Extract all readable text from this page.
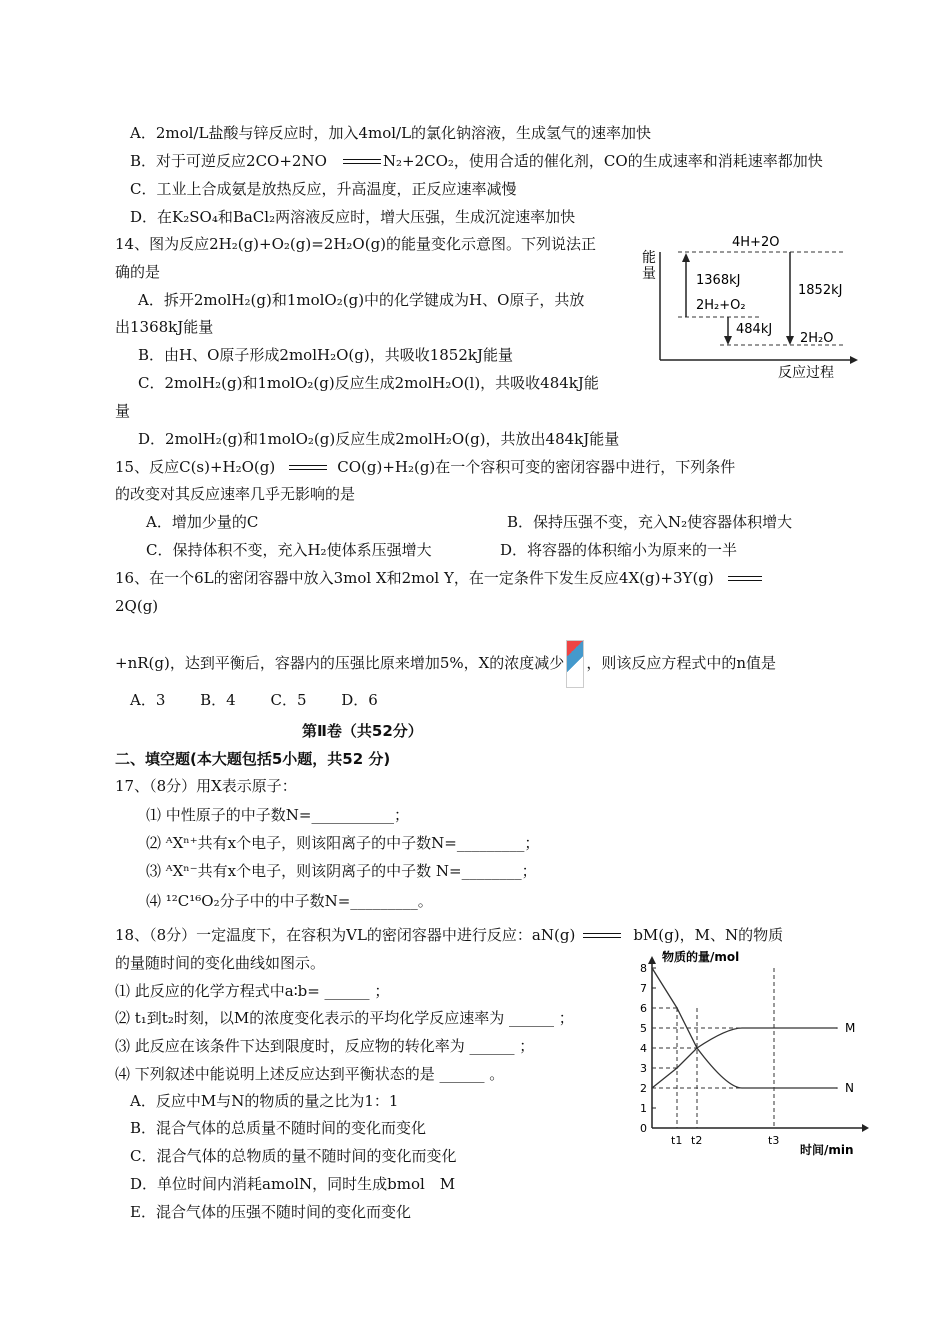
A．2mol/L盐酸与锌反应时，加入4mol/L的氯化钠溶液，生成氢气的速率加快
B．对于可逆反应2CO+2NO	N₂+2CO₂，使用合适的催化剂，CO的生成速率和消耗速率都加快
C．工业上合成氨是放热反应，升高温度，正反应速率减慢
D．在K₂SO₄和BaCl₂两溶液反应时，增大压强，生成沉淀速率加快
14、图为反应2H₂(g)+O₂(g)=2H₂O(g)的能量变化示意图。下列说法正
确的是
A．拆开2molH₂(g)和1molO₂(g)中的化学键成为H、O原子，共放
出1368kJ能量
B．由H、O原子形成2molH₂O(g)，共吸收1852kJ能量
C．2molH₂(g)和1molO₂(g)反应生成2molH₂O(l)，共吸收484kJ能
量
D．2molH₂(g)和1molO₂(g)反应生成2molH₂O(g)，共放出484kJ能量
能
量
4H+2O
2H₂+O₂
2H₂O
1368kJ
1852kJ
484kJ
反应过程
15、反应C(s)+H₂O(g)	CO(g)+H₂(g)在一个容积可变的密闭容器中进行，下列条件
的改变对其反应速率几乎无影响的是
A．增加少量的C	B．保持压强不变，充入N₂使容器体积增大
C．保持体积不变，充入H₂使体系压强增大	D．将容器的体积缩小为原来的一半
16、在一个6L的密闭容器中放入3mol X和2mol Y，在一定条件下发生反应4X(g)+3Y(g)
2Q(g)
+nR(g)，达到平衡后，容器内的压强比原来增加5%，X的浓度减少 ，则该反应方程式中的n值是
A．3　　 B．4　　 C．5　　 D．6
第Ⅱ卷（共52分）
二、填空题(本大题包括5小题，共52 分)
17、（8分）用X表示原子：
⑴ 中性原子的中子数N=___________；
⑵ ᴬXⁿ⁺共有x个电子，则该阳离子的中子数N=_________；
⑶ ᴬXⁿ⁻共有x个电子，则该阴离子的中子数 N=________；
⑷ ¹²C¹⁶O₂分子中的中子数N=_________。
18、（8分）一定温度下，在容积为VL的密闭容器中进行反应：aN(g)	bM(g)，M、N的物质
的量随时间的变化曲线如图示。
⑴ 此反应的化学方程式中a∶b= ______ ；
⑵ t₁到t₂时刻，以M的浓度变化表示的平均化学反应速率为 ______ ；
⑶ 此反应在该条件下达到限度时，反应物的转化率为 ______ ；
⑷ 下列叙述中能说明上述反应达到平衡状态的是 ______ 。
A．反应中M与N的物质的量之比为1：1
B．混合气体的总质量不随时间的变化而变化
C．混合气体的总物质的量不随时间的变化而变化
D．单位时间内消耗amolN，同时生成bmol　M
E．混合气体的压强不随时间的变化而变化
物质的量/mol
时间/min
1
2
3
4
5
6
7
8
0
t1 t2	t3
N
M
